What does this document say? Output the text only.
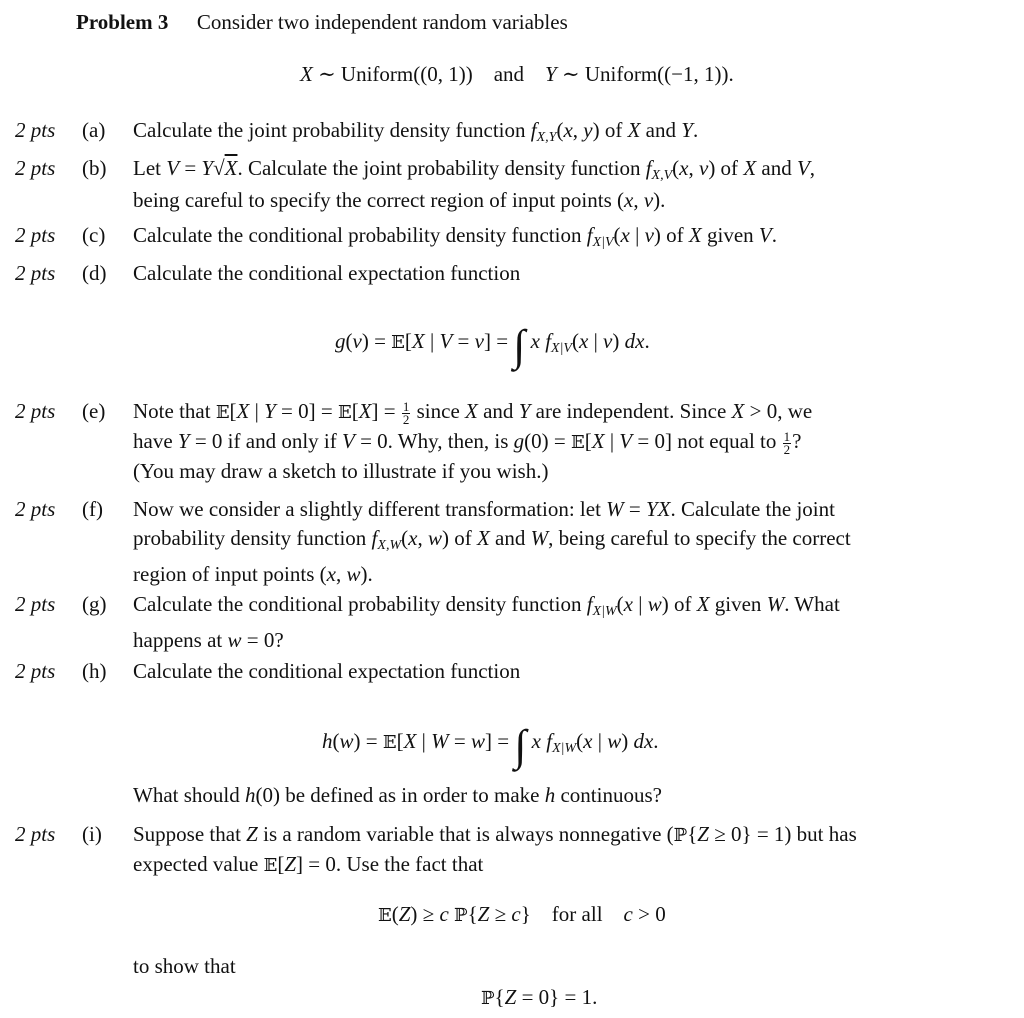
Problem 3 Consider two independent random variables
X ∼ Uniform((0, 1))    and    Y ∼ Uniform((−1, 1)).
2 pts (a) Calculate the joint probability density function $f_{X,Y}(x$, y) of X and Y.
2 pts (b) Let V = Y√X. Calculate the joint probability density function $f_{X,V}(x$, v) of X and V,
being careful to specify the correct region of input points (x, v).
2 pts (c) Calculate the conditional probability density function $f_{X|V}(x$ | v) of X given V.
2 pts (d) Calculate the conditional expectation function
g(v) = 𝔼[X | V = v] = ∫ x $f_{X|V}(x$ | v) dx.
2 pts (e) Note that 𝔼[X | Y = 0] = 𝔼[X] = $\frac{1}{2}$ since X and Y are independent. Since X > 0, we
have Y = 0 if and only if V = 0. Why, then, is g(0) = 𝔼[X | V = 0] not equal to $\frac{1}{2}$ ?
(You may draw a sketch to illustrate if you wish.)
2 pts (f) Now we consider a slightly different transformation: let W = YX. Calculate the joint
probability density function $f_{X,W}(x$, w) of X and W, being careful to specify the correct
region of input points (x, w).
2 pts (g) Calculate the conditional probability density function $f_{X|W}(x$ | w) of X given W. What
happens at w = 0?
2 pts (h) Calculate the conditional expectation function
h(w) = 𝔼[X | W = w] = ∫ x $f_{X|W}(x$ | w) dx.
What should h(0) be defined as in order to make h continuous?
2 pts (i) Suppose that Z is a random variable that is always nonnegative (ℙ{Z ≥ 0} = 1) but has
expected value 𝔼[Z] = 0. Use the fact that
𝔼(Z) ≥ c ℙ{Z ≥ c}    for all    c > 0
to show that
ℙ{Z = 0} = 1.
